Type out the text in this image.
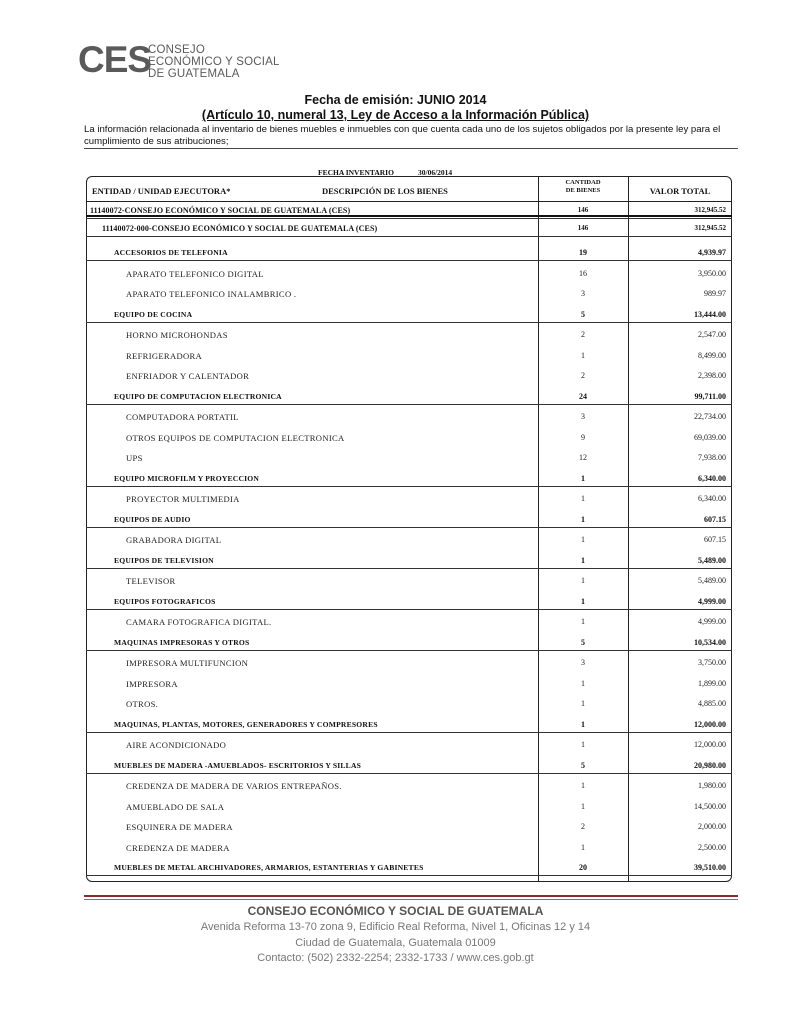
CES
CONSEJO
ECONÓMICO Y SOCIAL
DE GUATEMALA
Fecha de emisión: JUNIO 2014
(Artículo 10, numeral 13, Ley de Acceso a la Información Pública)
La información relacionada al inventario de bienes muebles e inmuebles con que cuenta cada uno de los sujetos obligados por la presente ley para el cumplimiento de sus atribuciones;
FECHA INVENTARIO	30/06/2014
ENTIDAD / UNIDAD EJECUTORA*	DESCRIPCIÓN DE LOS BIENES
CANTIDAD
DE BIENES	VALOR TOTAL
11140072-CONSEJO ECONÓMICO Y SOCIAL DE GUATEMALA (CES)	146	312,945.52
11140072-000-CONSEJO ECONÓMICO Y SOCIAL DE GUATEMALA (CES)	146	312,945.52
ACCESORIOS DE TELEFONIA	19	4,939.97
APARATO TELEFONICO DIGITAL	16	3,950.00
APARATO TELEFONICO INALAMBRICO .	3	989.97
EQUIPO DE COCINA	5	13,444.00
HORNO MICROHONDAS	2	2,547.00
REFRIGERADORA	1	8,499.00
ENFRIADOR Y CALENTADOR	2	2,398.00
EQUIPO DE COMPUTACION ELECTRONICA	24	99,711.00
COMPUTADORA PORTATIL	3	22,734.00
OTROS EQUIPOS DE COMPUTACION ELECTRONICA	9	69,039.00
UPS	12	7,938.00
EQUIPO MICROFILM Y PROYECCION	1	6,340.00
PROYECTOR MULTIMEDIA	1	6,340.00
EQUIPOS DE AUDIO	1	607.15
GRABADORA DIGITAL	1	607.15
EQUIPOS DE TELEVISION	1	5,489.00
TELEVISOR	1	5,489.00
EQUIPOS FOTOGRAFICOS	1	4,999.00
CAMARA FOTOGRAFICA DIGITAL.	1	4,999.00
MAQUINAS IMPRESORAS Y OTROS	5	10,534.00
IMPRESORA MULTIFUNCION	3	3,750.00
IMPRESORA	1	1,899.00
OTROS.	1	4,885.00
MAQUINAS, PLANTAS, MOTORES, GENERADORES Y COMPRESORES	1	12,000.00
AIRE ACONDICIONADO	1	12,000.00
MUEBLES DE MADERA -AMUEBLADOS- ESCRITORIOS Y SILLAS	5	20,980.00
CREDENZA DE MADERA DE VARIOS ENTREPAÑOS.	1	1,980.00
AMUEBLADO DE SALA	1	14,500.00
ESQUINERA DE MADERA	2	2,000.00
CREDENZA DE MADERA	1	2,500.00
MUEBLES DE METAL ARCHIVADORES, ARMARIOS, ESTANTERIAS Y GABINETES	20	39,510.00
CONSEJO ECONÓMICO Y SOCIAL DE GUATEMALA
Avenida Reforma 13-70 zona 9, Edificio Real Reforma, Nivel 1, Oficinas 12 y 14
Ciudad de Guatemala, Guatemala 01009
Contacto: (502) 2332-2254; 2332-1733 / www.ces.gob.gt
